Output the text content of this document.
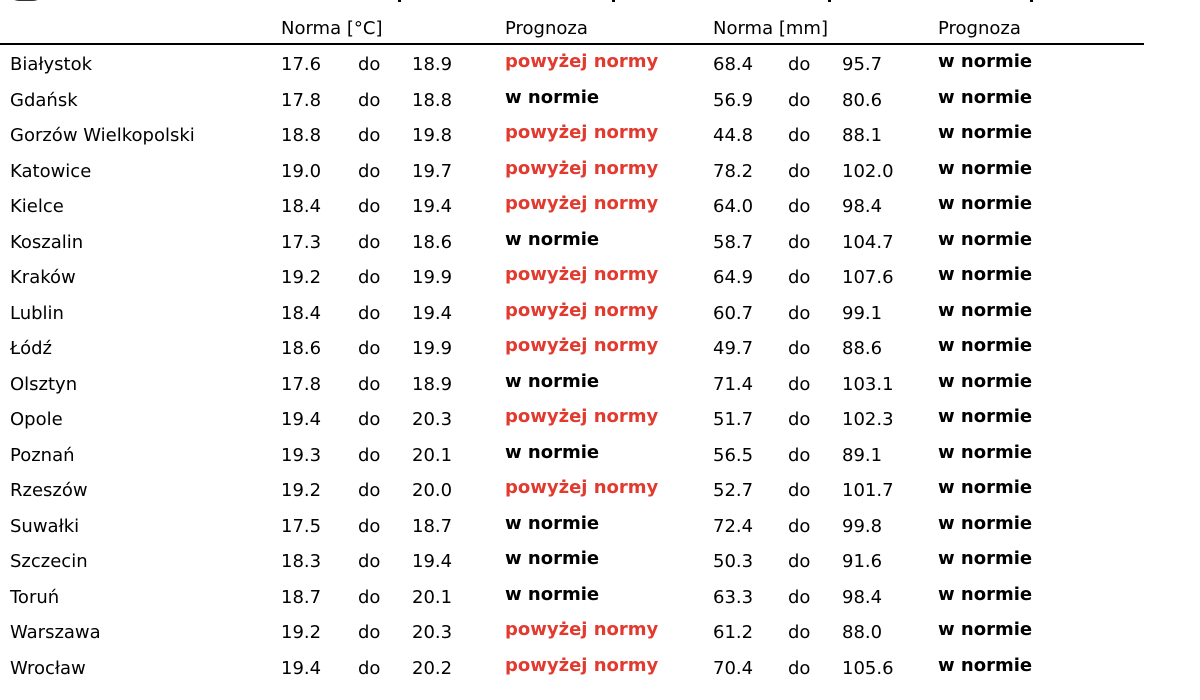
Norma [°C]	Prognoza	Norma [mm]	Prognoza
Białystok	17.6 do 18.9	powyżej normy	68.4 do 95.7	w normie
Gdańsk	17.8 do 18.8	w normie	56.9 do 80.6	w normie
Gorzów Wielkopolski	18.8 do 19.8	powyżej normy	44.8 do 88.1	w normie
Katowice	19.0 do 19.7	powyżej normy	78.2 do 102.0 w normie
Kielce	18.4 do 19.4	powyżej normy	64.0 do 98.4	w normie
Koszalin	17.3 do 18.6	w normie	58.7 do 104.7 w normie
Kraków	19.2 do 19.9	powyżej normy	64.9 do 107.6 w normie
Lublin	18.4 do 19.4	powyżej normy	60.7 do 99.1	w normie
Łódź	18.6 do 19.9	powyżej normy	49.7 do 88.6	w normie
Olsztyn	17.8 do 18.9	w normie	71.4 do 103.1 w normie
Opole	19.4 do 20.3	powyżej normy	51.7 do 102.3 w normie
Poznań	19.3 do 20.1	w normie	56.5 do 89.1	w normie
Rzeszów	19.2 do 20.0	powyżej normy	52.7 do 101.7 w normie
Suwałki	17.5 do 18.7	w normie	72.4 do 99.8	w normie
Szczecin	18.3 do 19.4	w normie	50.3 do 91.6	w normie
Toruń	18.7 do 20.1	w normie	63.3 do 98.4	w normie
Warszawa	19.2 do 20.3	powyżej normy	61.2 do 88.0	w normie
Wrocław	19.4 do 20.2	powyżej normy	70.4 do 105.6 w normie
